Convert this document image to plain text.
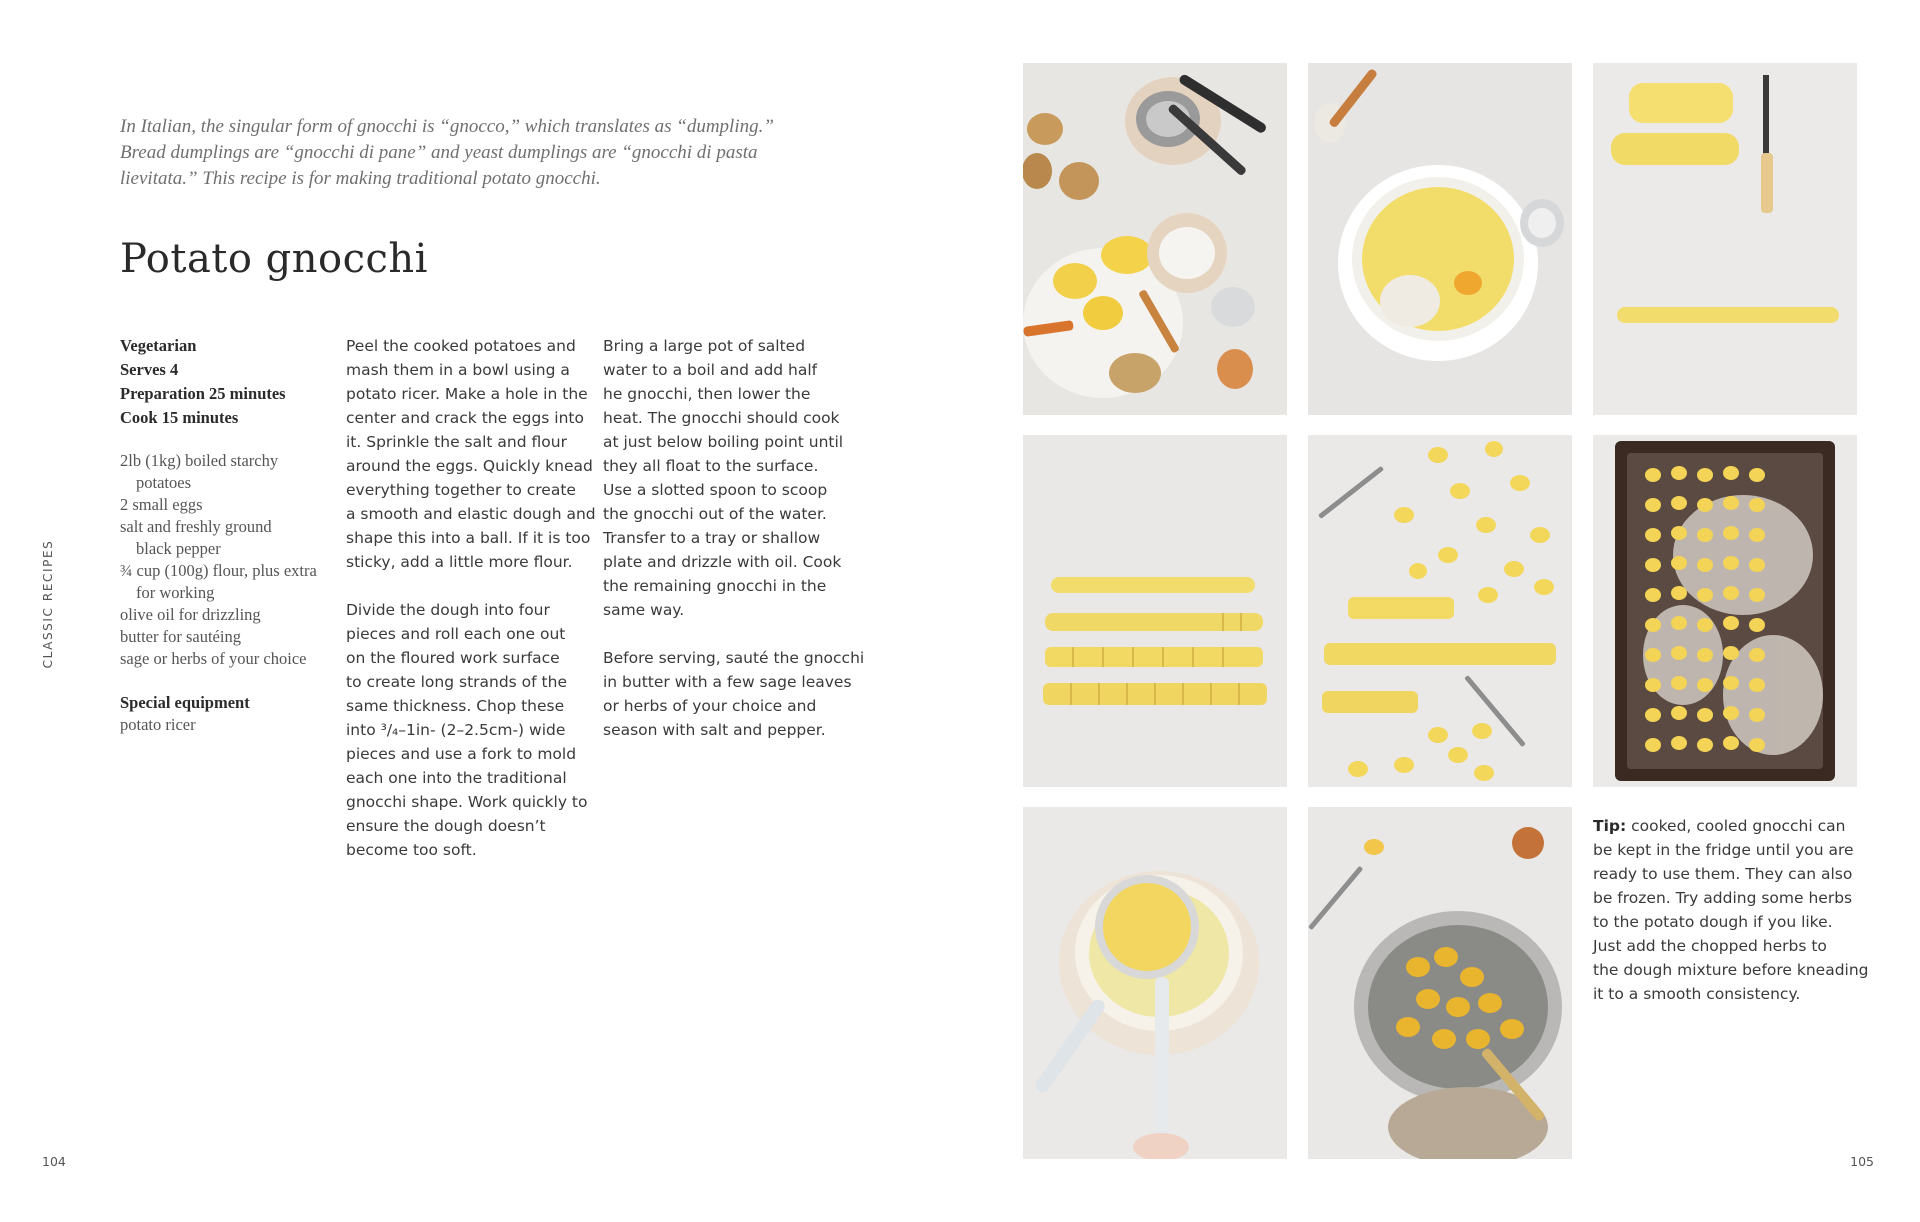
In Italian, the singular form of gnocchi is “gnocco,” which translates as “dumpling.”
Bread dumplings are “gnocchi di pane” and yeast dumplings are “gnocchi di pasta
lievitata.” This recipe is for making traditional potato gnocchi.
Potato gnocchi
Vegetarian
Serves 4
Preparation 25 minutes
Cook 15 minutes
2lb (1kg) boiled starchy
potatoes
2 small eggs
salt and freshly ground
black pepper
¾ cup (100g) flour, plus extra
for working
olive oil for drizzling
butter for sautéing
sage or herbs of your choice
Special equipment
potato ricer
Peel the cooked potatoes and
mash them in a bowl using a
potato ricer. Make a hole in the
center and crack the eggs into
it. Sprinkle the salt and flour
around the eggs. Quickly knead
everything together to create
a smooth and elastic dough and
shape this into a ball. If it is too
sticky, add a little more flour.
Divide the dough into four
pieces and roll each one out
on the floured work surface
to create long strands of the
same thickness. Chop these
into ³/₄–1in- (2–2.5cm-) wide
pieces and use a fork to mold
each one into the traditional
gnocchi shape. Work quickly to
ensure the dough doesn’t
become too soft.
Bring a large pot of salted
water to a boil and add half
he gnocchi, then lower the
heat. The gnocchi should cook
at just below boiling point until
they all float to the surface.
Use a slotted spoon to scoop
the gnocchi out of the water.
Transfer to a tray or shallow
plate and drizzle with oil. Cook
the remaining gnocchi in the
same way.
Before serving, sauté the gnocchi
in butter with a few sage leaves
or herbs of your choice and
season with salt and pepper.
CLASSIC RECIPES
104
Tip: cooked, cooled gnocchi can
be kept in the fridge until you are
ready to use them. They can also
be frozen. Try adding some herbs
to the potato dough if you like.
Just add the chopped herbs to
the dough mixture before kneading
it to a smooth consistency.
105
